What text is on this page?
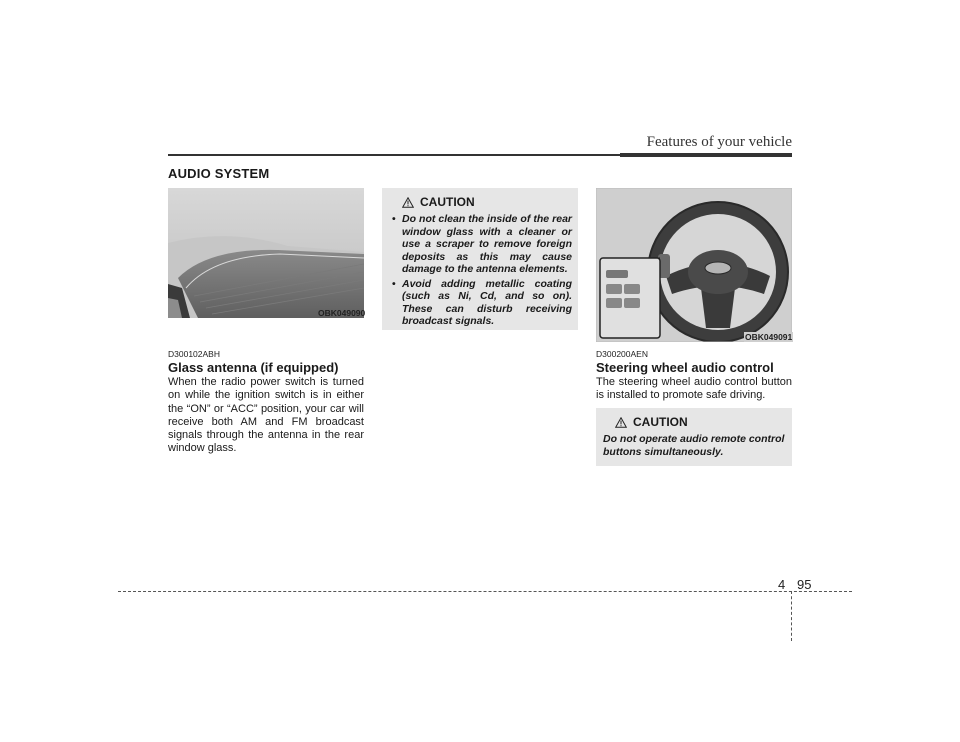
Features of your vehicle
AUDIO SYSTEM
OBK049090
D300102ABH
Glass antenna (if equipped)
When the radio power switch is turned on while the ignition switch is in either the “ON” or “ACC” position, your car will receive both AM and FM broadcast signals through the antenna in the rear window glass.
CAUTION
• Do not clean the inside of the rear window glass with a cleaner or use a scraper to remove foreign deposits as this may cause damage to the antenna elements.
• Avoid adding metallic coating (such as Ni, Cd, and so on). These can disturb receiving broadcast signals.
OBK049091
D300200AEN
Steering wheel audio control
The steering wheel audio control button is installed to promote safe driving.
CAUTION
Do not operate audio remote control buttons simultaneously.
4 95
